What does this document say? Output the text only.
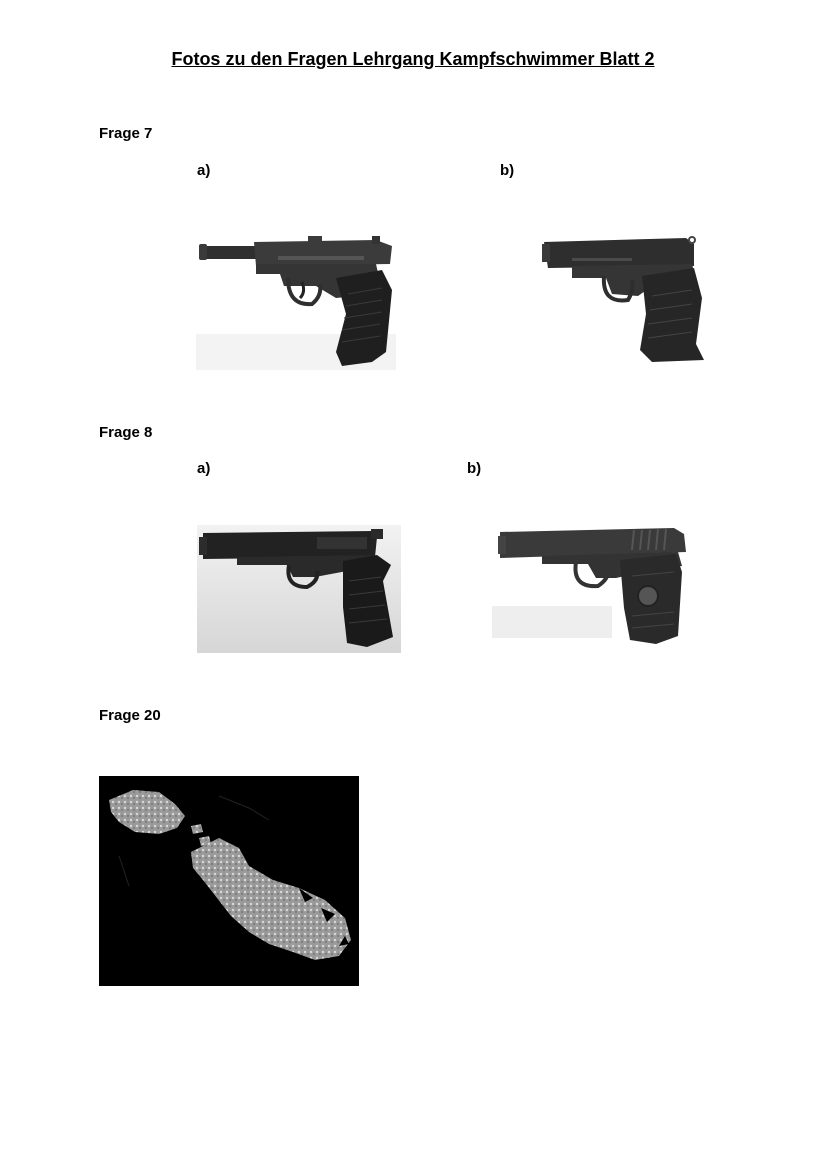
Fotos zu den Fragen Lehrgang Kampfschwimmer Blatt 2
Frage 7
a)	b)
Frage 8
a)	b)
Frage 20
